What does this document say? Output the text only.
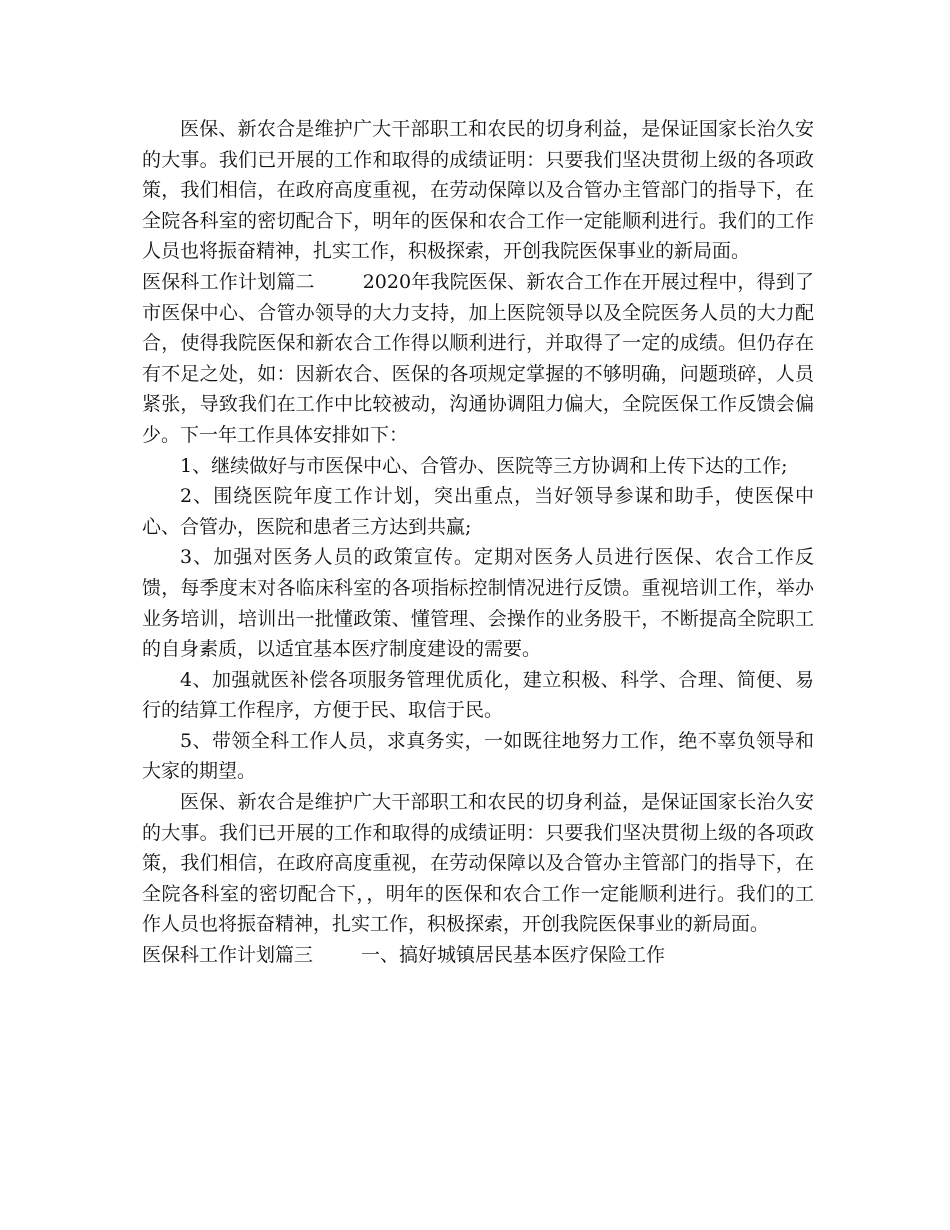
医保、新农合是维护广大干部职工和农民的切身利益，是保证国家长治久安的大事。我们已开展的工作和取得的成绩证明：只要我们坚决贯彻上级的各项政策，我们相信，在政府高度重视，在劳动保障以及合管办主管部门的指导下，在全院各科室的密切配合下，明年的医保和农合工作一定能顺利进行。我们的工作人员也将振奋精神，扎实工作，积极探索，开创我院医保事业的新局面。

医保科工作计划篇二	2020年我院医保、新农合工作在开展过程中，得到了市医保中心、合管办领导的大力支持，加上医院领导以及全院医务人员的大力配合，使得我院医保和新农合工作得以顺利进行，并取得了一定的成绩。但仍存在有不足之处，如：因新农合、医保的各项规定掌握的不够明确，问题琐碎，人员紧张，导致我们在工作中比较被动，沟通协调阻力偏大，全院医保工作反馈会偏少。下一年工作具体安排如下：

1、继续做好与市医保中心、合管办、医院等三方协调和上传下达的工作;

2、围绕医院年度工作计划，突出重点，当好领导参谋和助手，使医保中心、合管办，医院和患者三方达到共赢;

3、加强对医务人员的政策宣传。定期对医务人员进行医保、农合工作反馈，每季度末对各临床科室的各项指标控制情况进行反馈。重视培训工作，举办业务培训，培训出一批懂政策、懂管理、会操作的业务股干，不断提高全院职工的自身素质，以适宜基本医疗制度建设的需要。

4、加强就医补偿各项服务管理优质化，建立积极、科学、合理、简便、易行的结算工作程序，方便于民、取信于民。

5、带领全科工作人员，求真务实，一如既往地努力工作，绝不辜负领导和大家的期望。

医保、新农合是维护广大干部职工和农民的切身利益，是保证国家长治久安的大事。我们已开展的工作和取得的成绩证明：只要我们坚决贯彻上级的各项政策，我们相信，在政府高度重视，在劳动保障以及合管办主管部门的指导下，在全院各科室的密切配合下，，明年的医保和农合工作一定能顺利进行。我们的工作人员也将振奋精神，扎实工作，积极探索，开创我院医保事业的新局面。

医保科工作计划篇三	一、搞好城镇居民基本医疗保险工作
